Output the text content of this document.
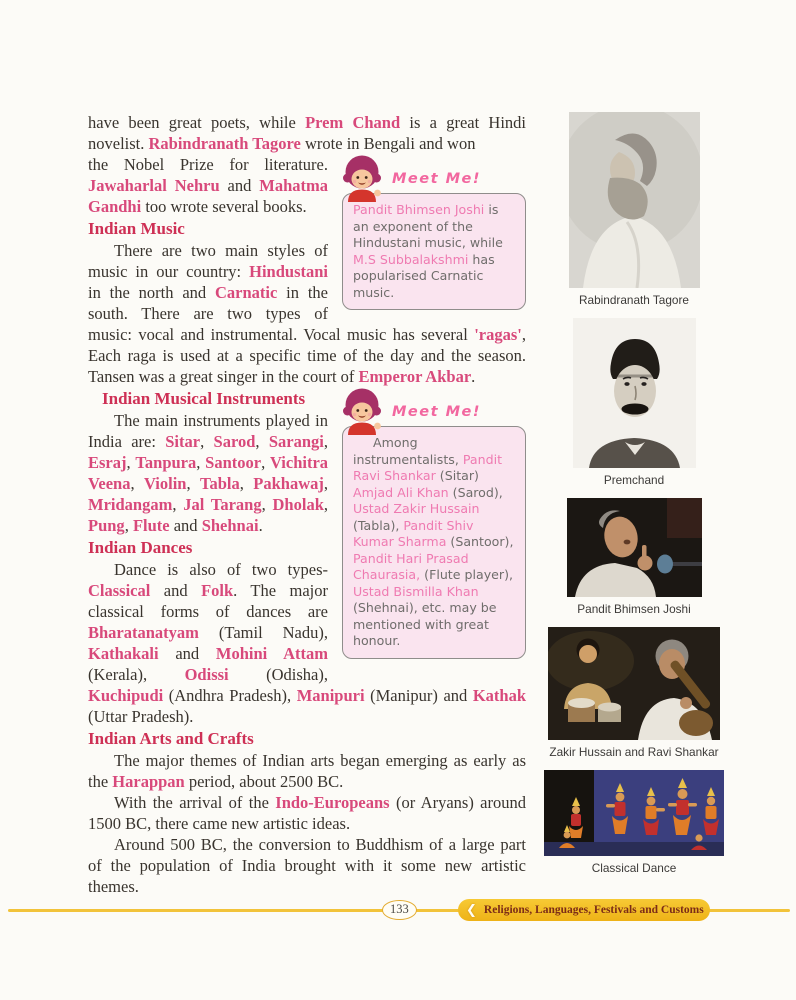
have been great poets, while Prem Chand is a great Hindi novelist. Rabindranath Tagore wrote in Bengali and won

Meet Me!
Pandit Bhimsen Joshi is an exponent of the Hindustani music, while M.S Subbalakshmi has popularised Carnatic music.

the Nobel Prize for literature. Jawaharlal Nehru and Mahatma Gandhi too wrote several books.

Indian Music

There are two main styles of music in our country: Hindustani in the north and Carnatic in the south. There are two types of music: vocal and instrumental. Vocal music has several 'ragas', Each raga is used at a specific time of the day and the season. Tansen was a great singer in the court of Emperor Akbar.

Meet Me!
Among instrumentalists, Pandit Ravi Shankar (Sitar) Amjad Ali Khan (Sarod), Ustad Zakir Hussain (Tabla), Pandit Shiv Kumar Sharma (Santoor), Pandit Hari Prasad Chaurasia, (Flute player), Ustad Bismilla Khan (Shehnai), etc. may be mentioned with great honour.
Indian Musical Instruments

The main instruments played in India are: Sitar, Sarod, Sarangi, Esraj, Tanpura, Santoor, Vichitra Veena, Violin, Tabla, Pakhawaj, Mridangam, Jal Tarang, Dholak, Pung, Flute and Shehnai.

Indian Dances

Dance is also of two types- Classical and Folk. The major classical forms of dances are Bharatanatyam (Tamil Nadu), Kathakali and Mohini Attam (Kerala), Odissi (Odisha), Kuchipudi (Andhra Pradesh), Manipuri (Manipur) and Kathak (Uttar Pradesh).

Indian Arts and Crafts

The major themes of Indian arts began emerging as early as the Harappan period, about 2500 BC.

With the arrival of the Indo-Europeans (or Aryans) around 1500 BC, there came new artistic ideas.

Around 500 BC, the conversion to Buddhism of a large part of the population of India brought with it some new artistic themes.

Rabindranath Tagore
Premchand
Pandit Bhimsen Joshi
Zakir Hussain and Ravi Shankar
Classical Dance
133	❮ Religions, Languages, Festivals and Customs
